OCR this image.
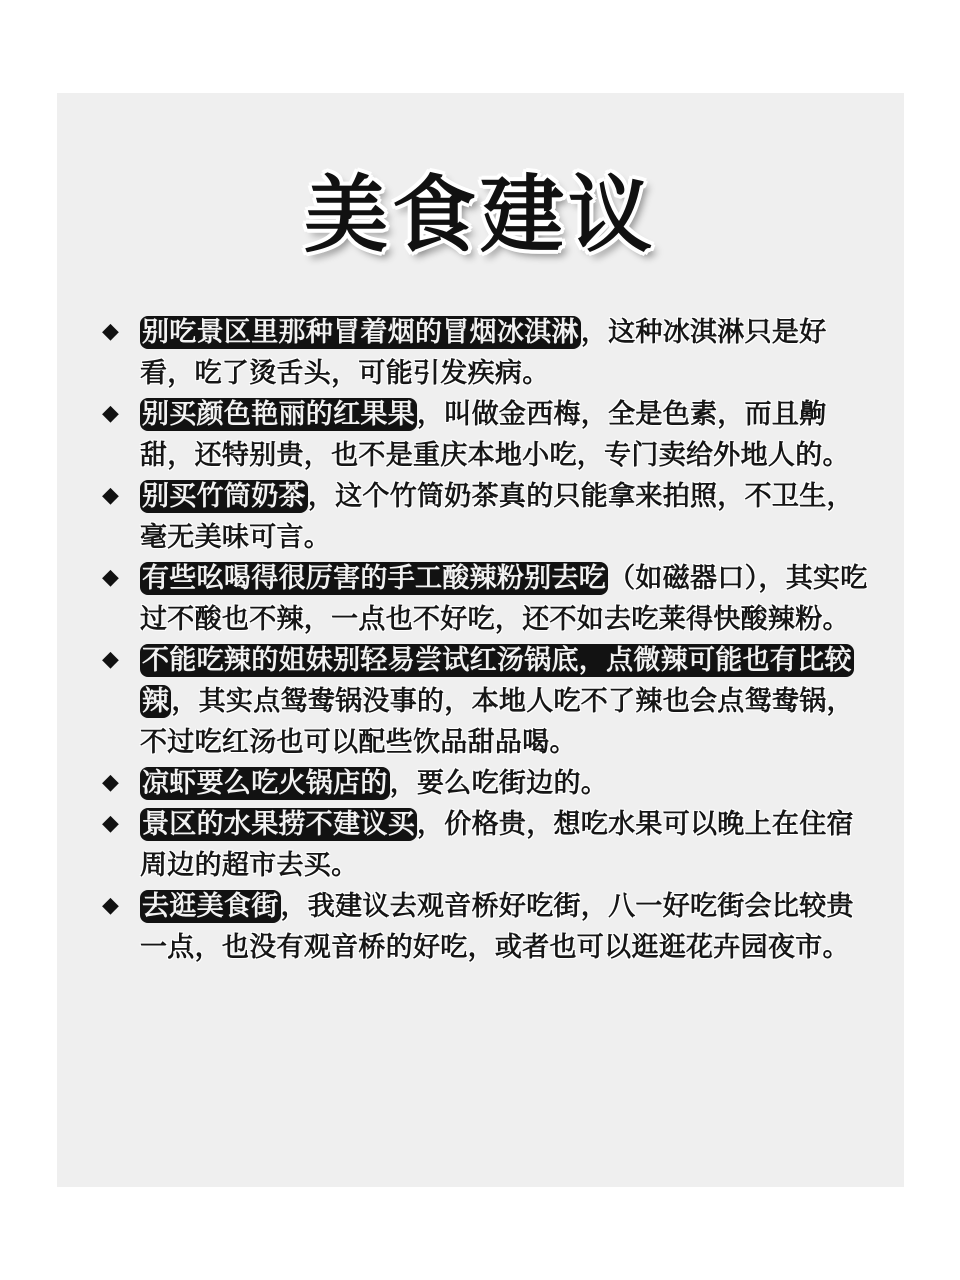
美食建议
◆ 别吃景区里那种冒着烟的冒烟冰淇淋，这种冰淇淋只是好看，吃了烫舌头，可能引发疾病。
◆ 别买颜色艳丽的红果果，叫做金西梅，全是色素，而且齁甜，还特别贵，也不是重庆本地小吃，专门卖给外地人的。
◆ 别买竹筒奶茶，这个竹筒奶茶真的只能拿来拍照，不卫生，毫无美味可言。
◆ 有些吆喝得很厉害的手工酸辣粉别去吃（如磁器口），其实吃过不酸也不辣，一点也不好吃，还不如去吃莱得快酸辣粉。
◆ 不能吃辣的姐妹别轻易尝试红汤锅底，点微辣可能也有比较辣，其实点鸳鸯锅没事的，本地人吃不了辣也会点鸳鸯锅，不过吃红汤也可以配些饮品甜品喝。
◆ 凉虾要么吃火锅店的，要么吃街边的。
◆ 景区的水果捞不建议买，价格贵，想吃水果可以晚上在住宿周边的超市去买。
◆ 去逛美食街，我建议去观音桥好吃街，八一好吃街会比较贵一点，也没有观音桥的好吃，或者也可以逛逛花卉园夜市。
